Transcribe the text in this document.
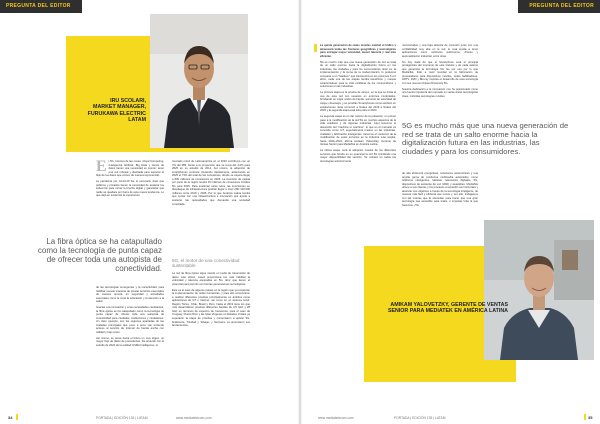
PREGUNTA DEL EDITOR
IRU SCOLARI, MARKET MANAGER, FURUKAWA ELECTRIC LATAM

El 5G, Internet de las cosas, Cloud Computing, Inteligencia Artificial, Big Data y centro de datos tienen una necesidad en común: tener una red robusta y diseñada para soportar el flujo de los datos que crecen de manera exponencial.

La pandemia por Covid-19 fue el escenario claro que públicos y privados tienen la necesidad de acelerar los esfuerzos para cerrar la brecha digital y garantizar que nadie se quedara por fuera de esta nueva tendencia. Lo que dejó en evidencia la importancia

La fibra óptica se ha catapultado como la tecnología de punta capaz de ofrecer toda una autopista de conectividad.

de las tecnologías emergentes y la conectividad, para habilitar nuevas maneras de prestar servicios esenciales de manera remota, en seguridad y actividades esenciales como la cena la educación y la atención a la salud.

Gracias a la innovación y a las necesidades cambiantes, la fibra óptica se ha catapultado como la tecnología de punta capaz de ofrecer toda una autopista de conectividad para ciudades, instituciones y ciudadanos. Un claro ejemplo, son las regiones apartadas de las ciudades principales que poco a poco van teniendo acceso al servicio de Internet de banda ancha con calidad y bajo costo.

Así mismo, se prevé hacia el futuro un muy lógico, un mayor flujo de datos de procedentes. De acuerdo con el estudio de 2022 de la entidad GSMA Intelligence, el

mercado móvil de Latinoamérica en el 2020 contribuyó con un 7% del PIB, frente a la proyección que se tenía del 4,0% para 2025 en su estudio de 2014. Así mismo, la adopción de smartphones continúa creciendo rápidamente, alcanzando en 2025 el 73% del total de las conexiones, donde se espera llegar a 600 millones de conexiones en 2025. La inversión de capital por parte de la región tendrá 15 millones de conexiones móviles 5G para 2025. Para sustentar estos retos, las inversiones en despliegue de infraestructura podrían llegar a cost USD 100.000 millones entre 2019 y 2025. Por lo que América Latina tendrá que contar con una infraestructura e innovación que ayude a sostener las necesidades que demanda una sociedad conectada.

5G, el motor de una conectividad sustentable

La red de fibra óptica sigue siendo el medio de transmisión de datos más eficaz, capaz proporciona los más habilitar la velocidad y latencia esperadas en 5G, ahor que tienen el potencial para permitir con futuras generaciones tecnológicas.

Este es el caso de algunos países en la región que ya empiezan la implementación de redes humanizas, y para ello comenzaron a realizar diferentes pruebas principalmente en ámbitos como aplicaciones de IoT o Internet, así como en un sistema móvil. Región Torres, Chile, Brasil y Perú, hasta el 2019 tiene los que más desarrollaron pruebas diferentes bandas de 3,5 GHz y 28 GHz en términos de espectro de frecuencia, para el caso de Uruguay, Puerto Rico y las Islas Vírgenes en Estados Unidos ya superaron la etapa de pruebas y comenzaron a aplicar 5G, finalmente, Trinidad y Tobago, y Suriname ya anunciaron sus lanzamientos.

34	PORTADA | EDICIÓN 135 | LATAM	www.mediatelecom.com
PREGUNTA DEL EDITOR

La quinta generación de redes móviles cambió el tráfico y atravesará todas las fronteras geográficas y tecnológicas para entregar mayor velocidad, menor latencia y real más eficiente.

5G es mucho más que una nueva generación de red se trata de un salto enorme hacia la digitalización futura en las industrias, las ciudades y para los consumidores. Esto es, la implementación y la suma de la modernización, lo podemos comparar a un "Stadium" que transcurrirá en los próximos 5 a 6 años, cada una de las etapas tendrá beneficios y nuevas características para la vida cotidiana de los consumidores y soluciones en las industrias.

La primera etapa es la prueba de campo, en la que se limita al uso de esta red con usuarios en entornos controlados, brindando un mejor ancho de banda, aumento de velocidad de carga y descarga, y se pondrán Smartphones como también en escalaciones. Esta comenzó a finales del 2019 a finales del 2020 y la segunda etapa está lista para el 2023.

La segunda etapa es en dar camino de la pulsación, un primer paso a la modificación de la red 5G en muchos aspectos de la vida cotidiana y de algunas industrias. Aquí tenemos el desarrollo del "machine to machine", lo que en el mercado es conocido como IoT, especialmente masivo en las industrias, ciudades y fabricación inteligentes. Veremos el comienzo de la modificación de estos servicios en la industria más amplia, hacia 2020–2024, afirma Amikam Yalovetzky, Gerente de Ventas Senior para MediaTek en América Latina.

La última etapa, será la adopción masiva de los diferentes servicios que brinda en su potencial la red 5G brindando una mayor disponibilidad del servicio. Se volcará en todas las tecnologías anteriormente

mencionadas y una baja latencia de conexión junto con una confiabilidad muy alta en la red, lo cual ayuda a tener aplicaciones como vehículos autónomos, drones y automatización industrial, entre otras.

No hay duda de que el Smartphone será el principal protagonista del momento de este tránsito y de cada avance que generaría la tecnología 5G. Es por eso por lo que MediaTek, líder a nivel mundial en la fabricación de procesadores para dispositivos móviles, redes habilitadoras, HDTV, DVD y Blu-ray impulsa el desarrollo de esta tecnología con sus nuevos Chipset Dimensity 5G.

Nuestra dedicación a la innovación nos ha posicionado como una fuerza impulsora del mercado en varias áreas tecnológicas clave, incluidas tecnologías móviles

5G es mucho más que una nueva generación de red se trata de un salto enorme hacia la digitalización futura en las industrias, las ciudades y para los consumidores.

de alta eficiencia energéticas, soluciones automotrices y una amplia gama de productos multimedia avanzados, como teléfonos inteligentes, tabletas, televisores digitales, 5G, dispositivos de asistente de voz (VAD) y wearables. MediaTek ofrece a sus clientes y los procesos a expandir sus horizontes y alcanzar sus objetivos a través de la tecnología inteligente, de manera más fácil y eficiente que nunca y, por ello, trabajamos con las marcas que la elevantan para hacer que una gran tecnología sea accesible para todos, e impulsar toda la que hacemos. ¡5G

AMIKAM YALOVETZKY, GERENTE DE VENTAS SENIOR PARA MEDIATEK EN AMÉRICA LATINA
PORTADA | EDICIÓN 135 | LATAM
www.mediatelecom.com	35
